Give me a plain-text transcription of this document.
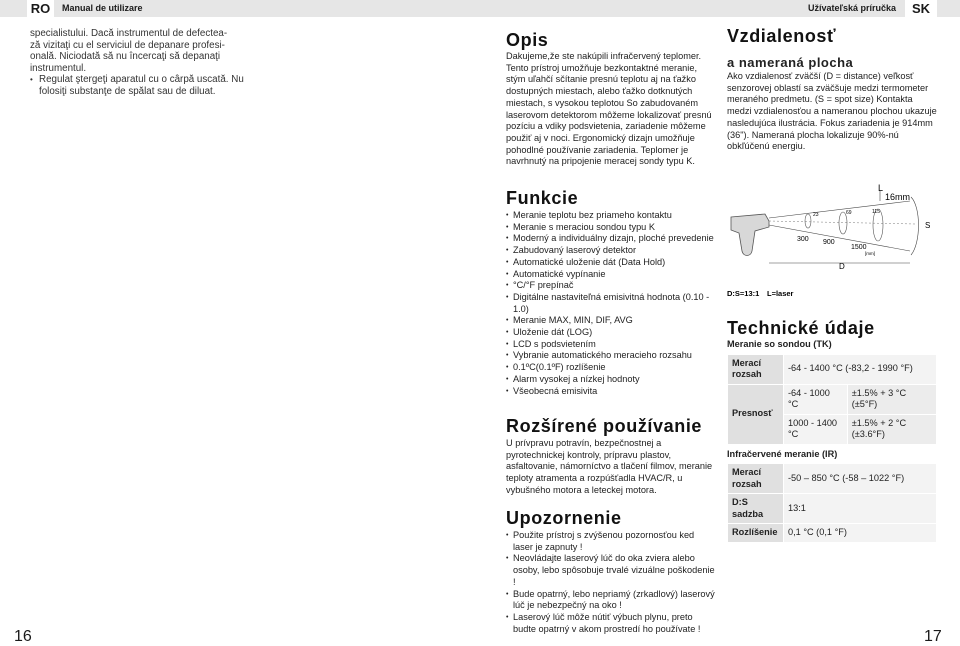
RO	Manual de utilizare	Užívateľská príručka	SK

specialistului. Dacă instrumentul de defectea-

ză vizitaţi cu el serviciul de depanare profesi-

onală. Niciodată să nu încercaţi să depanaţi

instrumentul.

• Regulat ştergeţi aparatul cu o cârpă uscată. Nu

folosiţi substanţe de spălat sau de diluat.

16	17
Opis

Dakujeme,že ste nakúpili infračervený teplomer. Tento prístroj umožňuje bezkontaktné meranie, stým uľahčí sčítanie presnú teplotu aj na ťažko dostupných miestach, alebo ťažko dotknutých miestach, s vysokou teplotou So zabudovaném laserovom detektorom môžeme lokalizovať presnú pozíciu a vdiky podsvietenia, zariadenie môžeme použiť aj v noci. Ergonomický dizajn umožňuje pohodlné používanie zariadenia. Teplomer je navrhnutý na pripojenie meracej sondy typu K.

Funkcie
• Meranie teplotu bez priameho kontaktu
• Meranie s meraciou sondou typu K
• Moderný a individuálny dizajn, ploché prevedenie
• Zabudovaný laserový detektor
• Automatické uloženie dát (Data Hold)
• Automatické vypínanie
• °C/°F prepínač
• Digitálne nastaviteľná emisivitná hodnota (0.10 - 1.0)
• Meranie MAX, MIN, DIF, AVG
• Uloženie dát (LOG)
• LCD s podsvietením
• Vybranie automatického meracieho rozsahu
• 0.1ºC(0.1ºF) rozlíšenie
• Alarm vysokej a nízkej hodnoty
• Všeobecná emisivita
Rozšírené používanie

U prívpravu potravín, bezpečnostnej a pyrotechnickej kontroly, prípravu plastov, asfaltovanie, námorníctvo a tlačení filmov, meranie teploty atramenta a rozpúšťadla HVAC/R, u vybušného motora a leteckej motora.

Upozornenie
• Použite prístroj s zvýšenou pozornosťou ked laser je zapnuty !
• Neovládajte laserový lúč do oka zviera alebo osoby, lebo spôsobuje trvalé vizuálne poškodenie !
• Bude opatrný, lebo nepriamý (zrkadlový) laserový lúč je nebezpečný na oko !
• Laserový lúč môže nútiť výbuch plynu, preto budte opatrný v akom prostredí ho používate !
Vzdialenosť
a nameraná plocha

Ako vzdialenosť zväčší (D = distance) veľkosť senzorovej oblastí sa zväčšuje medzi termometer meraného predmetu. (S = spot size) Kontakta medzi vzdialenosťou a nameranou plochou ukazuje nasledujúca ilustrácia. Fokus zariadenia je 914mm (36"). Nameraná plocha lokalizuje 90%-nú obkľúčenú energiu.

L
16mm
23	69	115
300 900
1500
[mm]
S
D
D:S=13:1 L=laser
Technické údaje
Meranie so sondou (TK)
Merací rozsah	-64 - 1400 °C (-83,2 - 1990 °F)	
Presnosť	-64 - 1000 °C	±1.5% + 3 °C (±5°F)
	1000 - 1400 °C	±1.5% + 2 °C (±3.6°F)
Infračervené meranie (IR)
Merací rozsah	-50 – 850 °C (-58 – 1022 °F)
D:S sadzba	13:1
Rozlíšenie	0,1 °C (0,1 °F)
